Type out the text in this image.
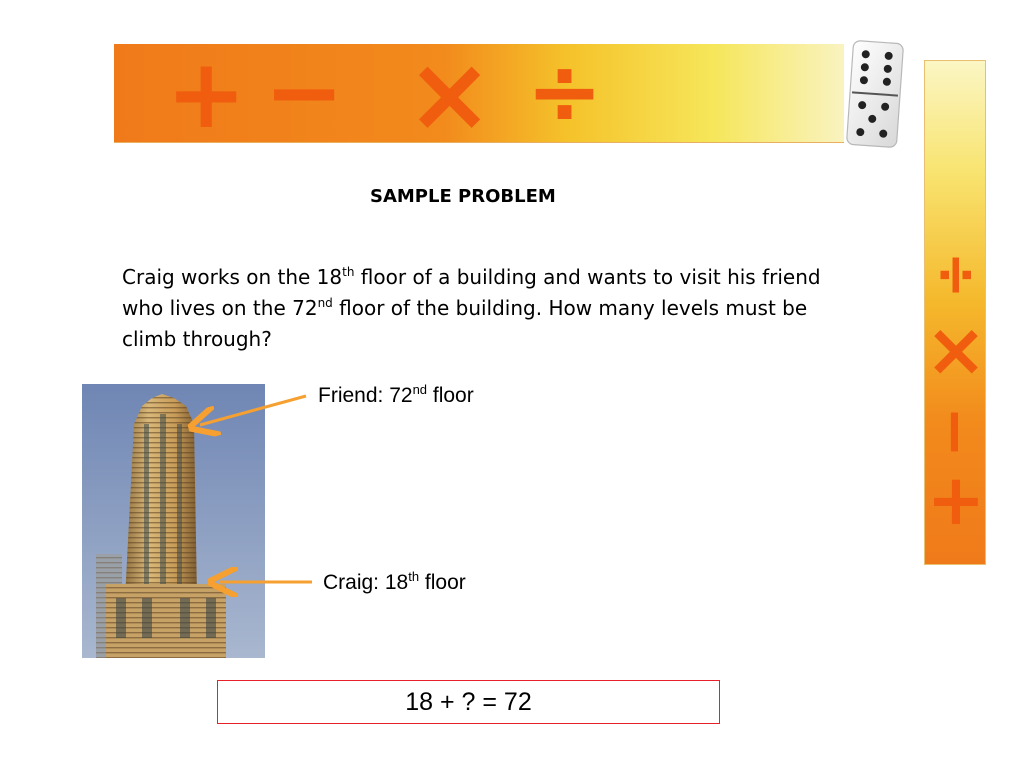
+ − × ÷
÷
×
−
+
SAMPLE PROBLEM
Craig works on the 18th floor of a building and wants to visit his friend who lives on the 72nd floor of the building. How many levels must be climb through?
Friend: 72nd floor
Craig: 18th floor
18 + ? = 72
